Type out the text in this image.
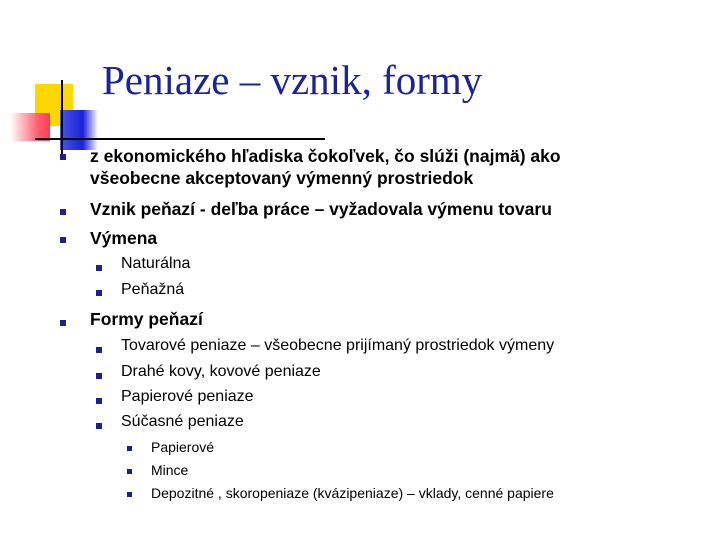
Peniaze – vznik, formy
z ekonomického hľadiska čokoľvek, čo slúži (najmä) ako
všeobecne akceptovaný výmenný prostriedok
Vznik peňazí - deľba práce – vyžadovala výmenu tovaru
Výmena
Naturálna
Peňažná
Formy peňazí
Tovarové peniaze – všeobecne prijímaný prostriedok výmeny
Drahé kovy, kovové peniaze
Papierové peniaze
Súčasné peniaze
Papierové
Mince
Depozitné , skoropeniaze (kvázipeniaze) – vklady, cenné papiere
